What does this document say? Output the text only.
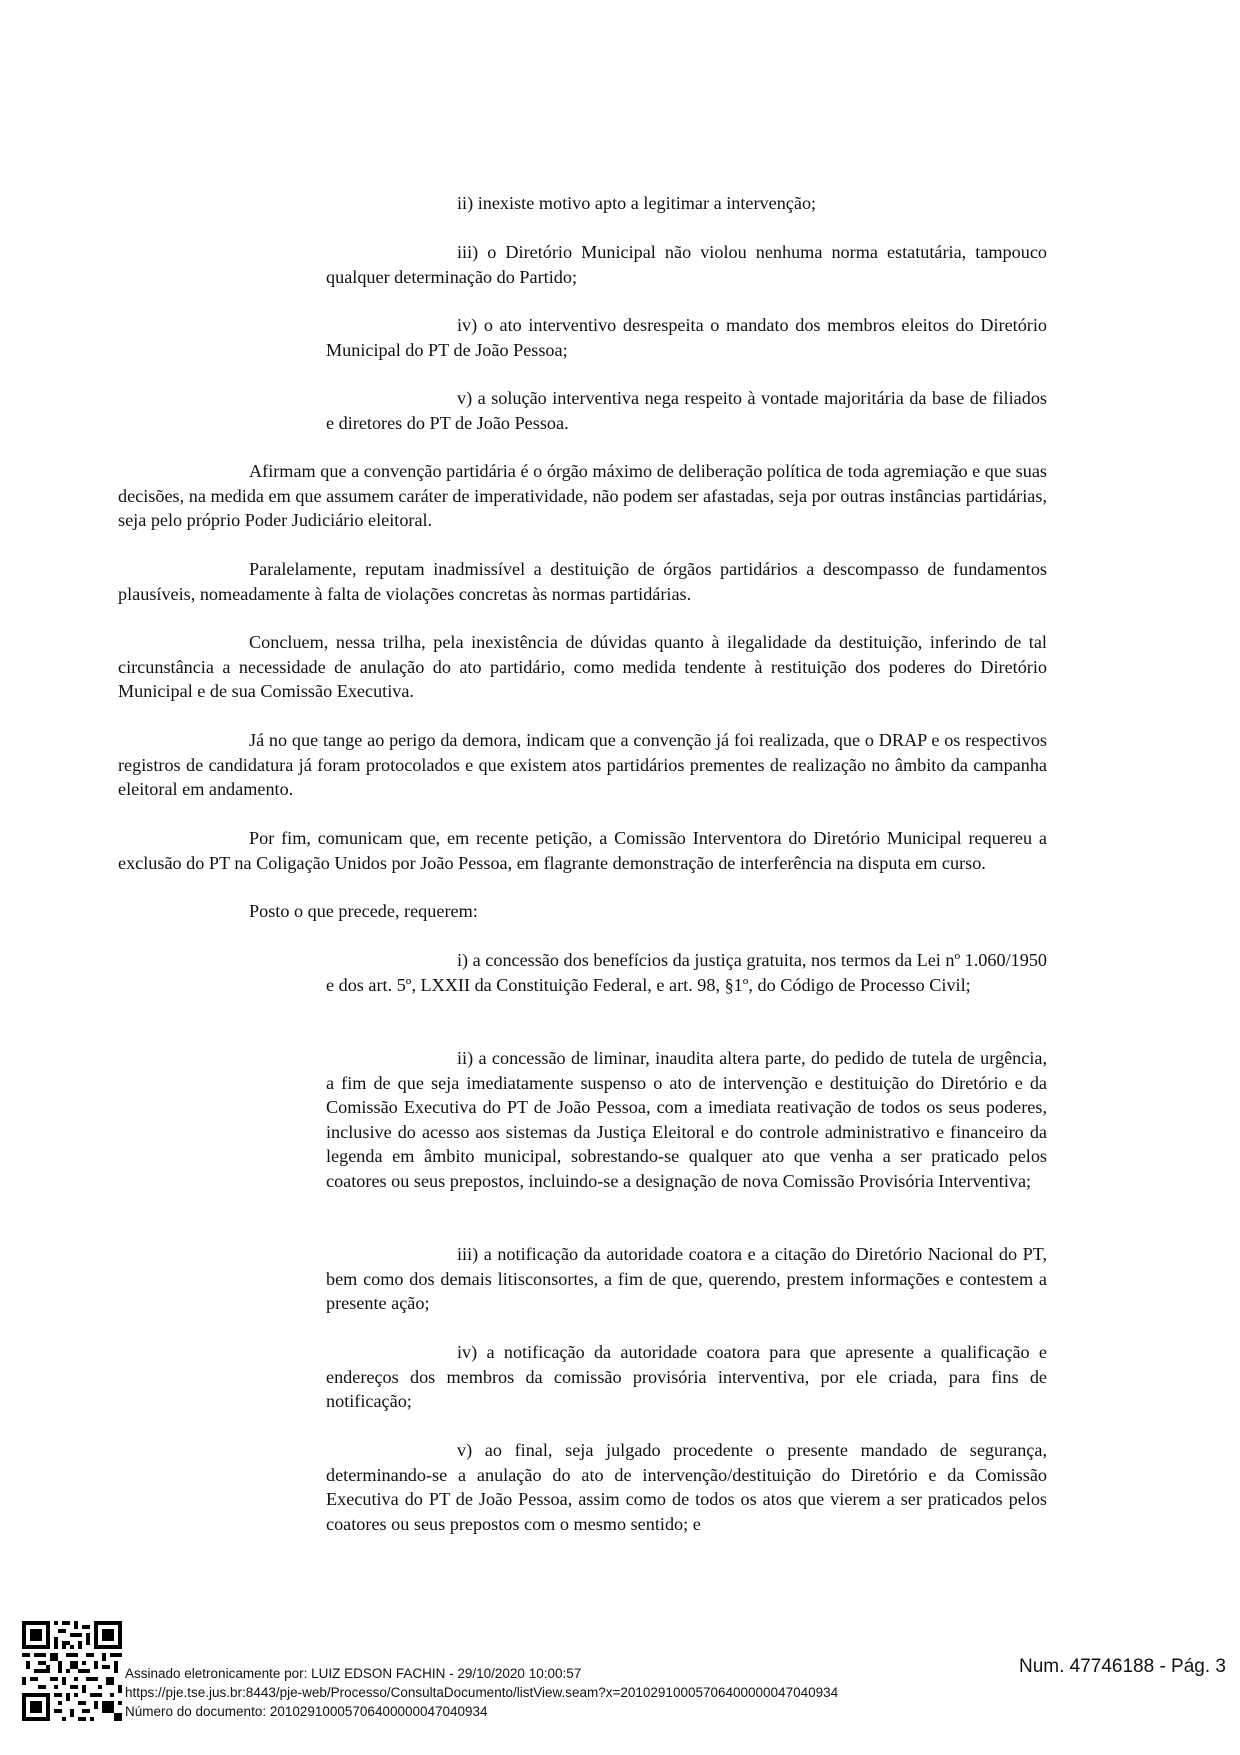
ii) inexiste motivo apto a legitimar a intervenção;

iii) o Diretório Municipal não violou nenhuma norma estatutária, tampouco qualquer determinação do Partido;

iv) o ato interventivo desrespeita o mandato dos membros eleitos do Diretório Municipal do PT de João Pessoa;

v) a solução interventiva nega respeito à vontade majoritária da base de filiados e diretores do PT de João Pessoa.

Afirmam que a convenção partidária é o órgão máximo de deliberação política de toda agremiação e que suas decisões, na medida em que assumem caráter de imperatividade, não podem ser afastadas, seja por outras instâncias partidárias, seja pelo próprio Poder Judiciário eleitoral.

Paralelamente, reputam inadmissível a destituição de órgãos partidários a descompasso de fundamentos plausíveis, nomeadamente à falta de violações concretas às normas partidárias.

Concluem, nessa trilha, pela inexistência de dúvidas quanto à ilegalidade da destituição, inferindo de tal circunstância a necessidade de anulação do ato partidário, como medida tendente à restituição dos poderes do Diretório Municipal e de sua Comissão Executiva.

Já no que tange ao perigo da demora, indicam que a convenção já foi realizada, que o DRAP e os respectivos registros de candidatura já foram protocolados e que existem atos partidários prementes de realização no âmbito da campanha eleitoral em andamento.

Por fim, comunicam que, em recente petição, a Comissão Interventora do Diretório Municipal requereu a exclusão do PT na Coligação Unidos por João Pessoa, em flagrante demonstração de interferência na disputa em curso.

Posto o que precede, requerem:

i) a concessão dos benefícios da justiça gratuita, nos termos da Lei nº 1.060/1950 e dos art. 5º, LXXII da Constituição Federal, e art. 98, §1º, do Código de Processo Civil;

ii) a concessão de liminar, inaudita altera parte, do pedido de tutela de urgência, a fim de que seja imediatamente suspenso o ato de intervenção e destituição do Diretório e da Comissão Executiva do PT de João Pessoa, com a imediata reativação de todos os seus poderes, inclusive do acesso aos sistemas da Justiça Eleitoral e do controle administrativo e financeiro da legenda em âmbito municipal, sobrestando-se qualquer ato que venha a ser praticado pelos coatores ou seus prepostos, incluindo-se a designação de nova Comissão Provisória Interventiva;

iii) a notificação da autoridade coatora e a citação do Diretório Nacional do PT, bem como dos demais litisconsortes, a fim de que, querendo, prestem informações e contestem a presente ação;

iv) a notificação da autoridade coatora para que apresente a qualificação e endereços dos membros da comissão provisória interventiva, por ele criada, para fins de notificação;

v) ao final, seja julgado procedente o presente mandado de segurança, determinando-se a anulação do ato de intervenção/destituição do Diretório e da Comissão Executiva do PT de João Pessoa, assim como de todos os atos que vierem a ser praticados pelos coatores ou seus prepostos com o mesmo sentido; e

Assinado eletronicamente por: LUIZ EDSON FACHIN - 29/10/2020 10:00:57
https://pje.tse.jus.br:8443/pje-web/Processo/ConsultaDocumento/listView.seam?x=20102910005706400000047040934
Número do documento: 20102910005706400000047040934
Num. 47746188 - Pág. 3
